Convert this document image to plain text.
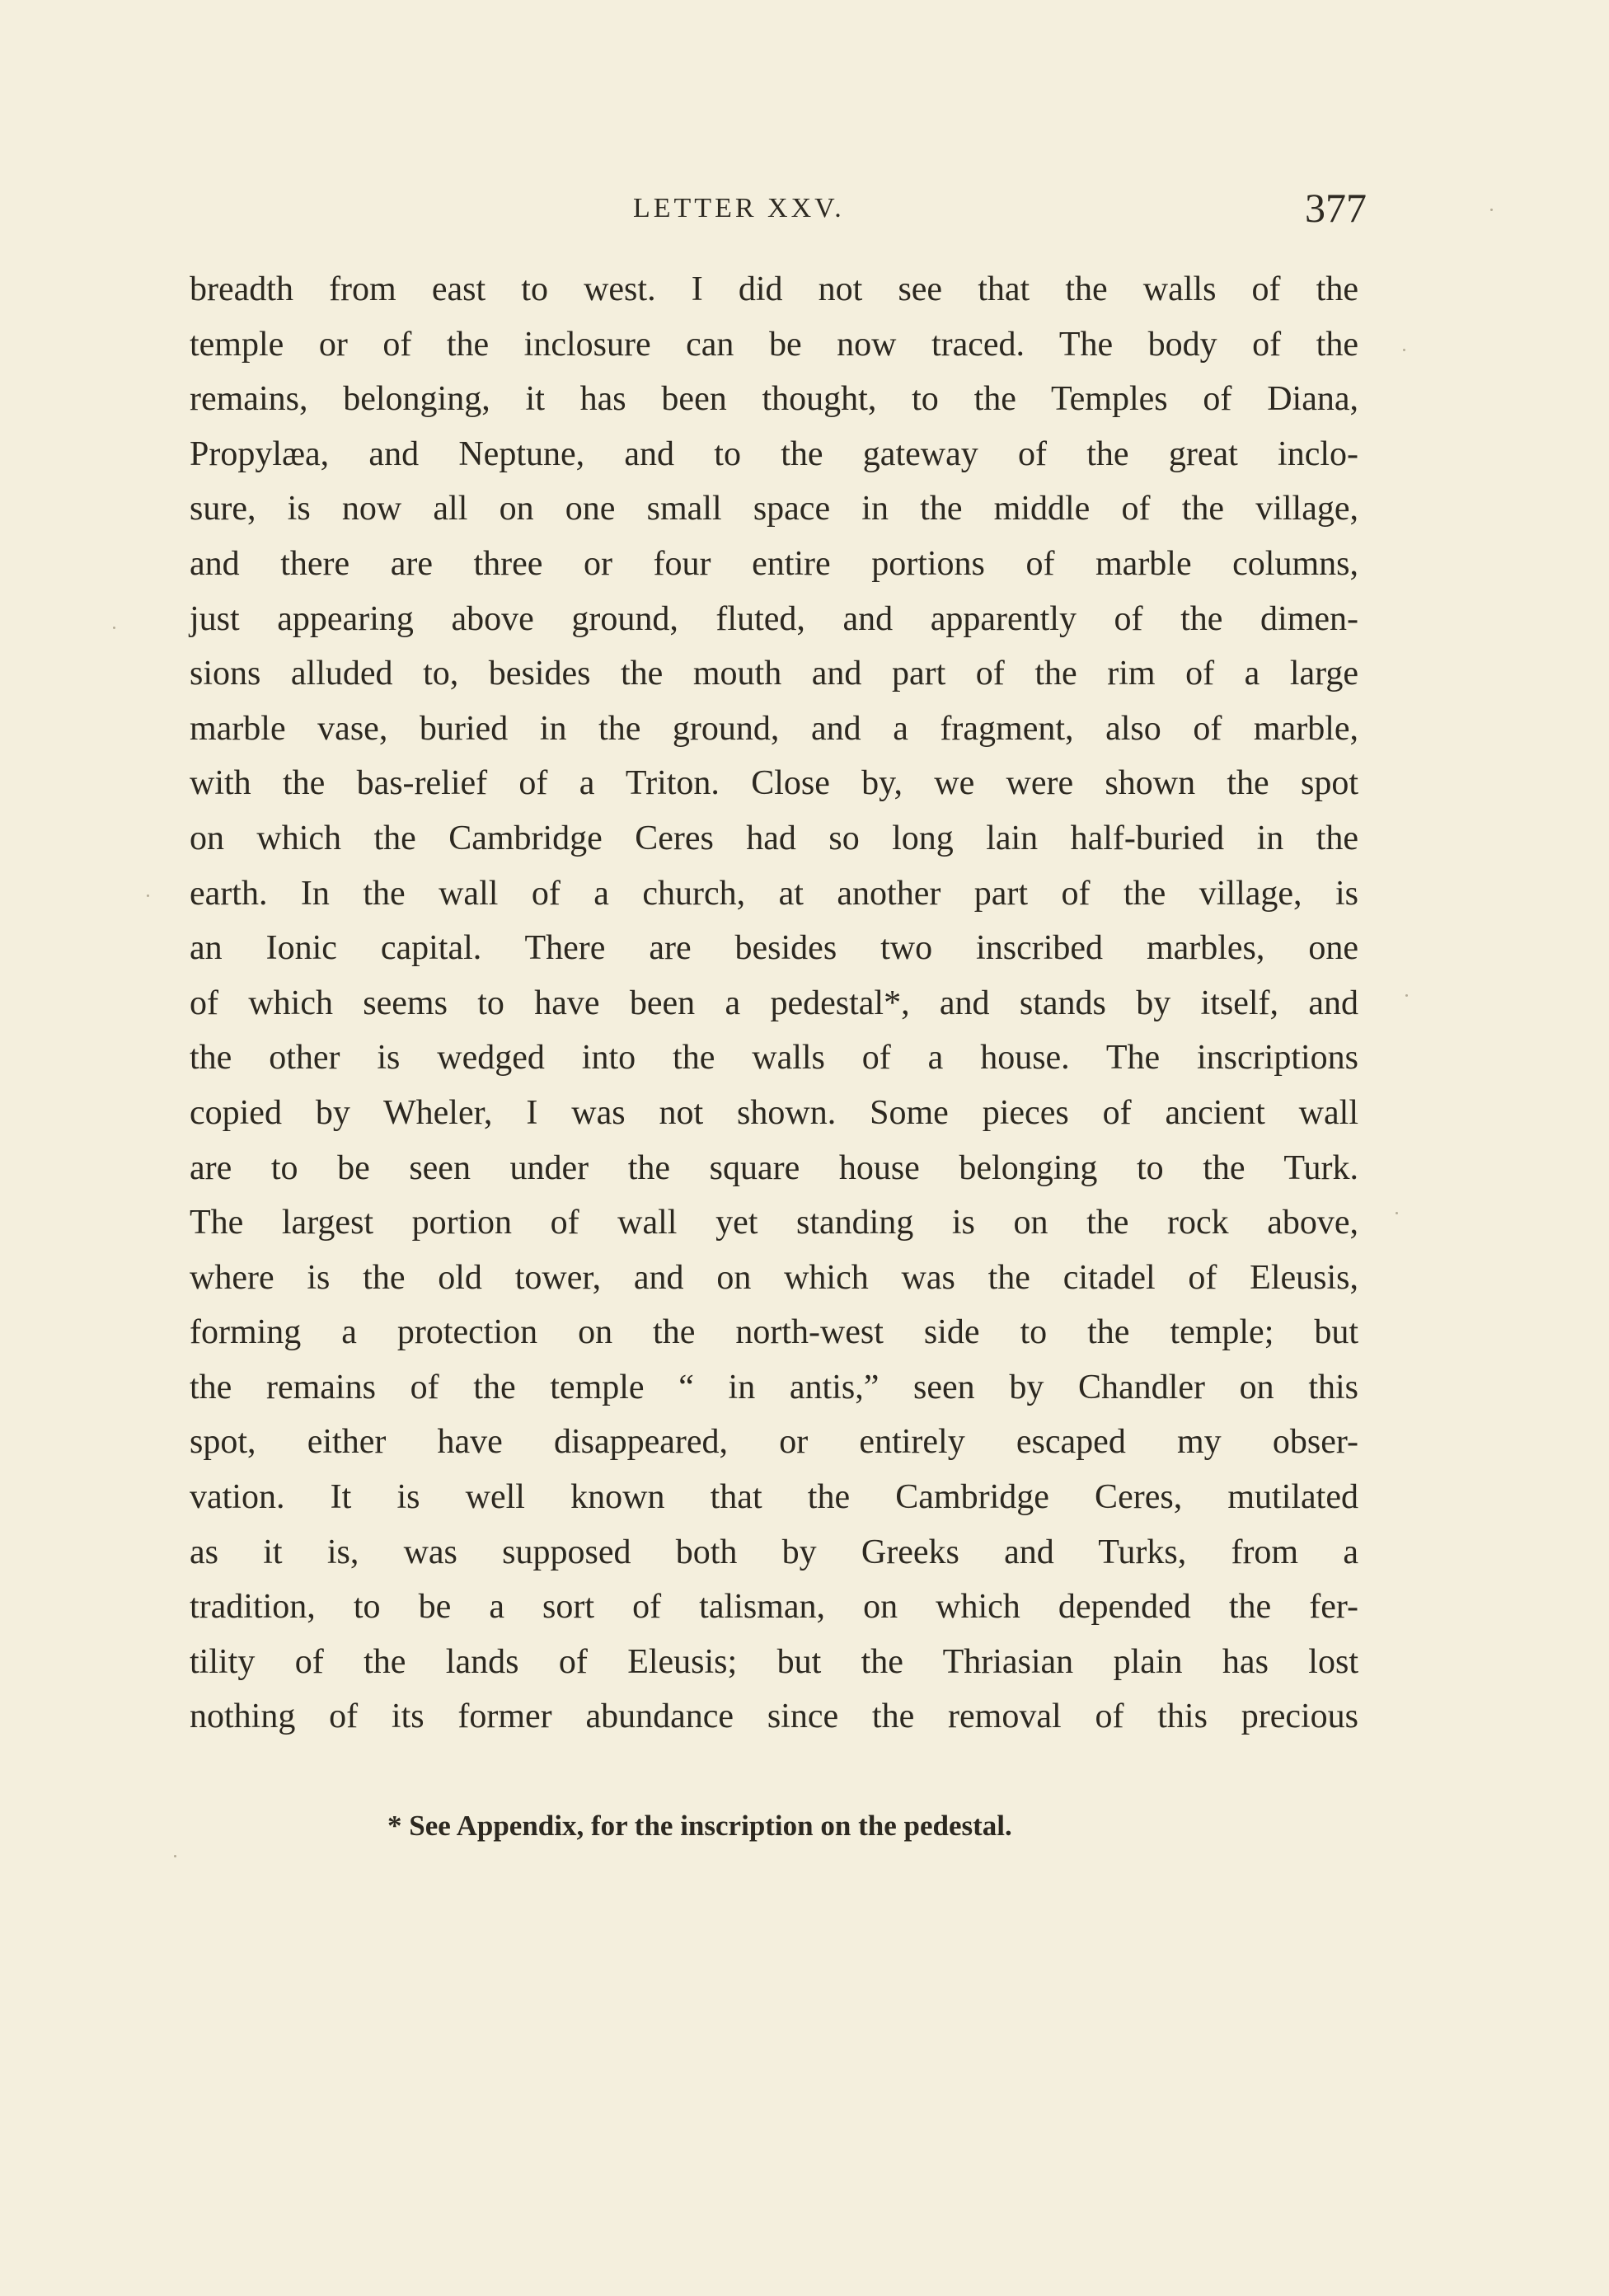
LETTER XXV.	377
breadth from east to west. I did not see that the walls of the
temple or of the inclosure can be now traced. The body of the
remains, belonging, it has been thought, to the Temples of Diana,
Propylæa, and Neptune, and to the gateway of the great inclo-
sure, is now all on one small space in the middle of the village,
and there are three or four entire portions of marble columns,
just appearing above ground, fluted, and apparently of the dimen-
sions alluded to, besides the mouth and part of the rim of a large
marble vase, buried in the ground, and a fragment, also of marble,
with the bas-relief of a Triton. Close by, we were shown the spot
on which the Cambridge Ceres had so long lain half-buried in the
earth. In the wall of a church, at another part of the village, is
an Ionic capital. There are besides two inscribed marbles, one
of which seems to have been a pedestal*, and stands by itself, and
the other is wedged into the walls of a house. The inscriptions
copied by Wheler, I was not shown. Some pieces of ancient wall
are to be seen under the square house belonging to the Turk.
The largest portion of wall yet standing is on the rock above,
where is the old tower, and on which was the citadel of Eleusis,
forming a protection on the north-west side to the temple; but
the remains of the temple “ in antis,” seen by Chandler on this
spot, either have disappeared, or entirely escaped my obser-
vation. It is well known that the Cambridge Ceres, mutilated
as it is, was supposed both by Greeks and Turks, from a
tradition, to be a sort of talisman, on which depended the fer-
tility of the lands of Eleusis; but the Thriasian plain has lost
nothing of its former abundance since the removal of this precious
* See Appendix, for the inscription on the pedestal.
